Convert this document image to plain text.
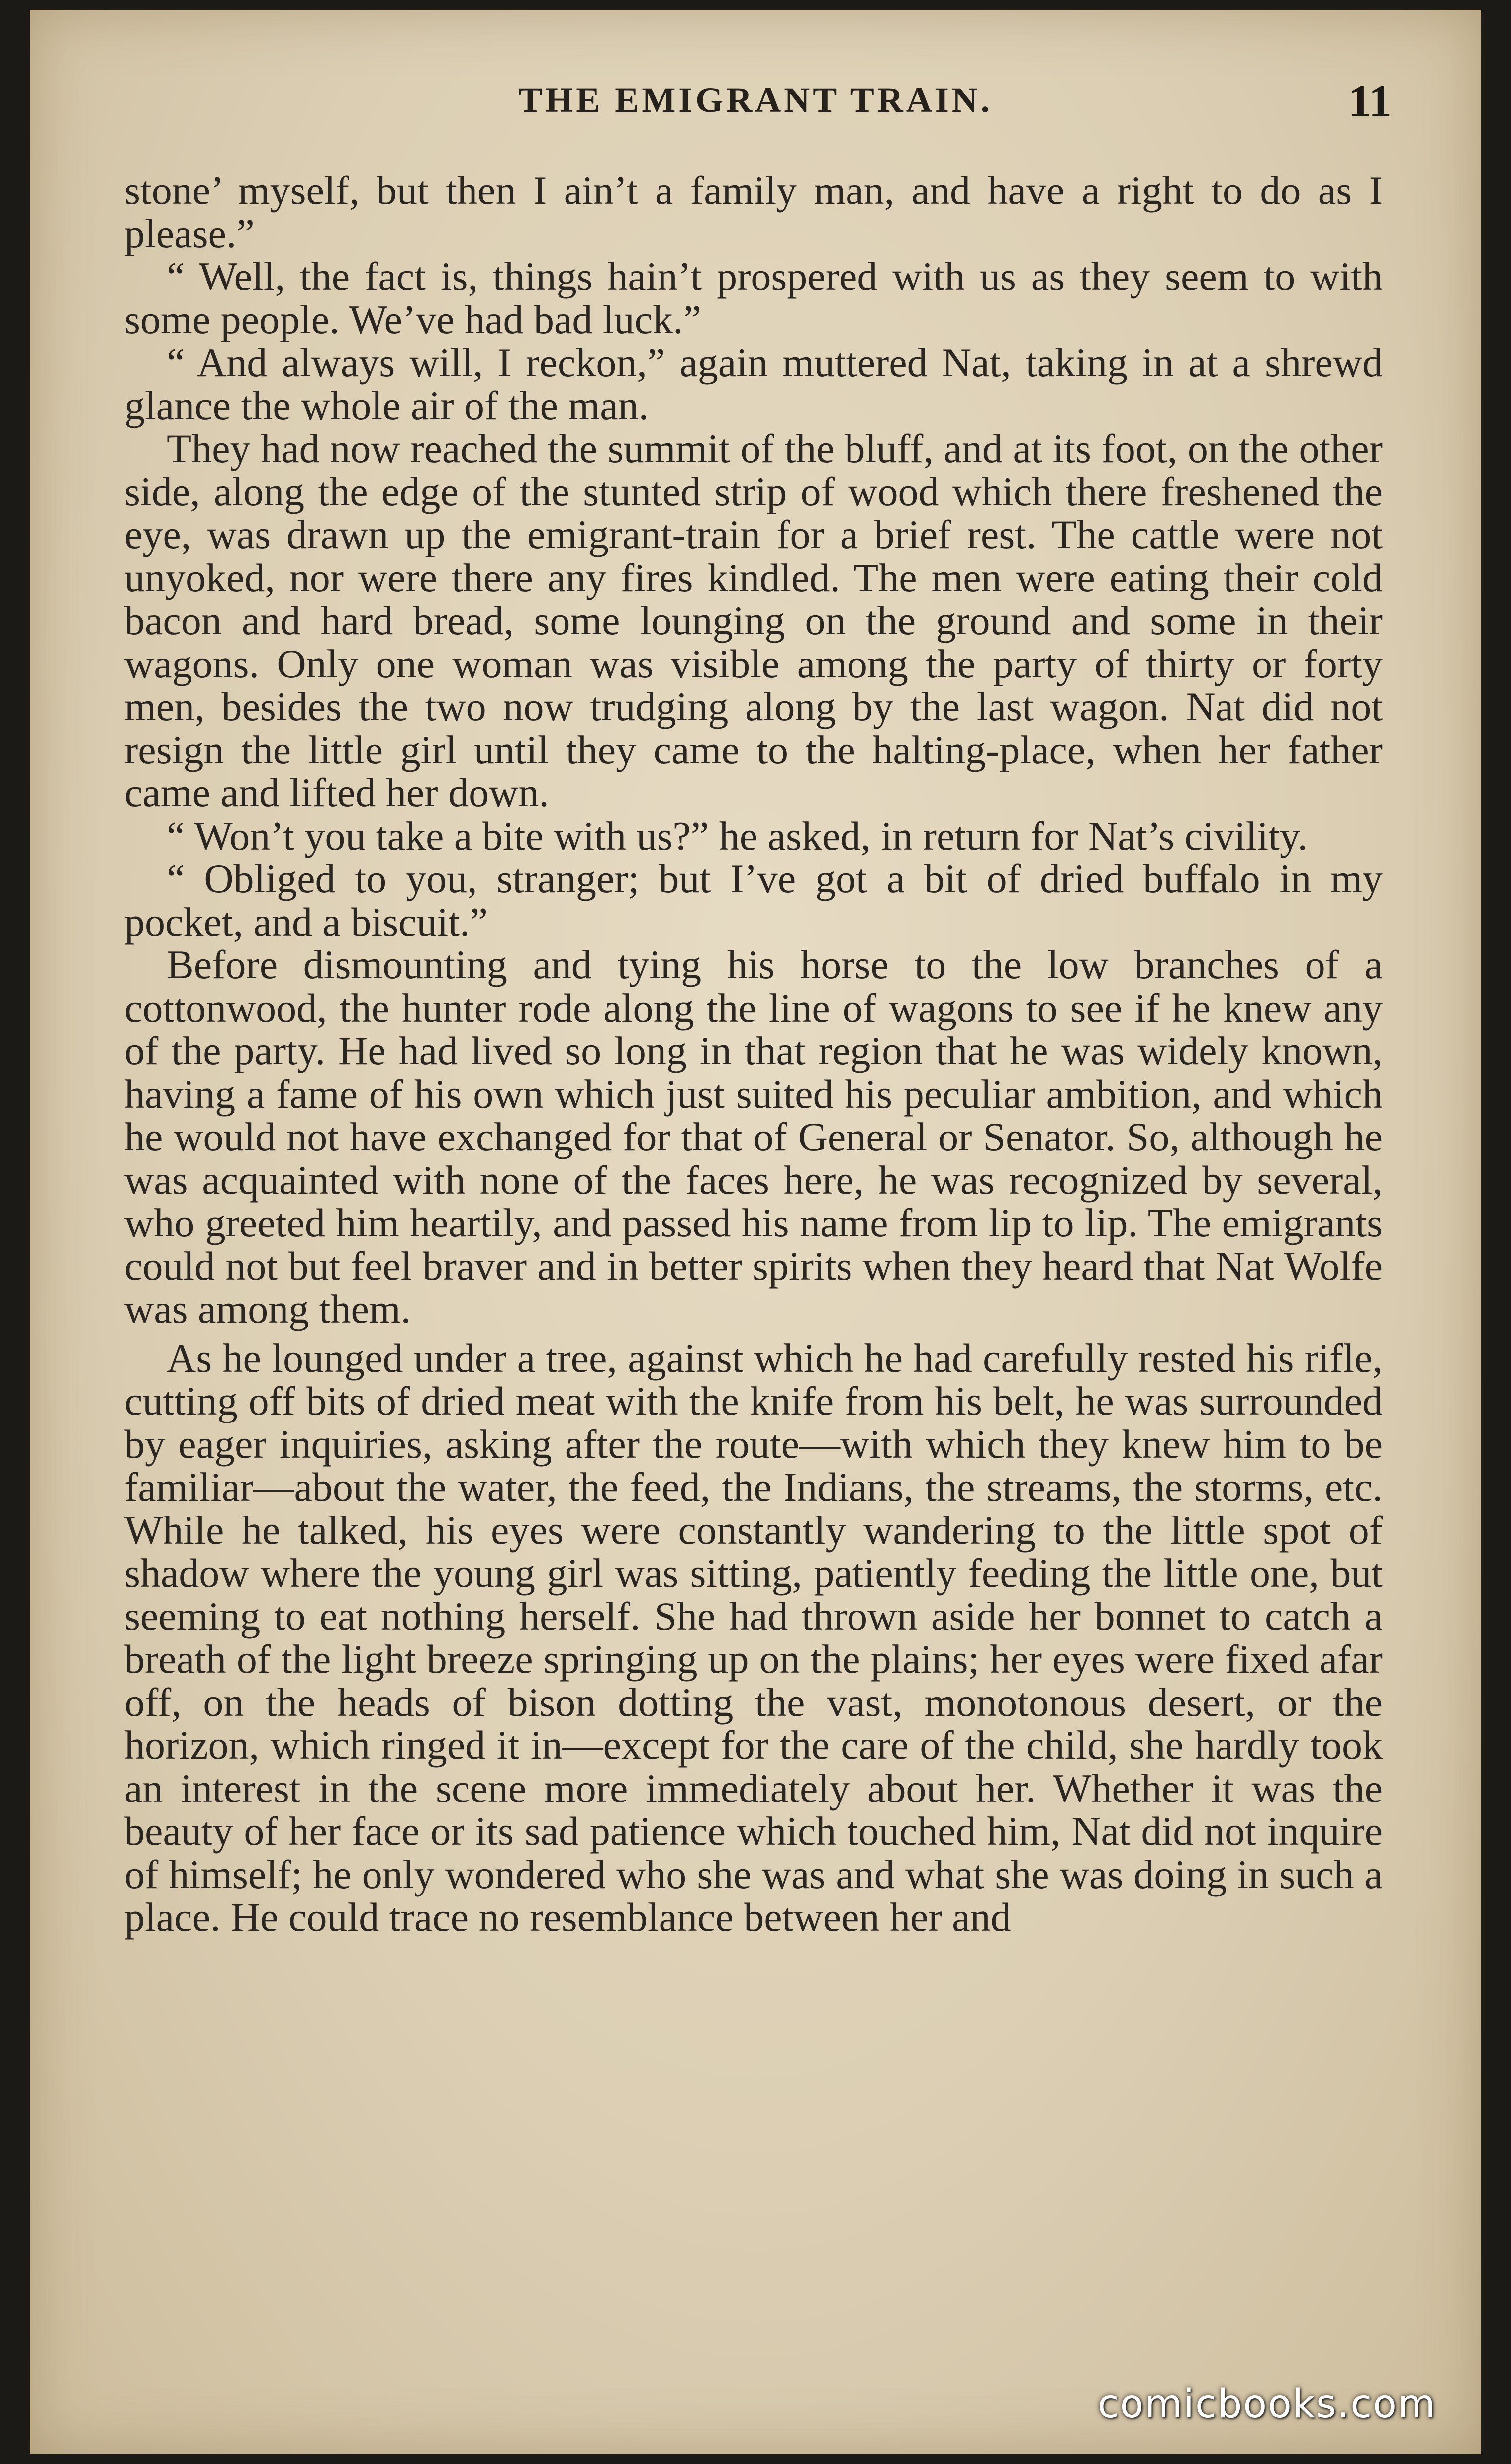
THE EMIGRANT TRAIN.	11

stone’ myself, but then I ain’t a family man, and have a right to do as I please.”

“ Well, the fact is, things hain’t prospered with us as they seem to with some people. We’ve had bad luck.”

“ And always will, I reckon,” again muttered Nat, taking in at a shrewd glance the whole air of the man.

They had now reached the summit of the bluff, and at its foot, on the other side, along the edge of the stunted strip of wood which there freshened the eye, was drawn up the emigrant-train for a brief rest. The cattle were not unyoked, nor were there any fires kindled. The men were eating their cold bacon and hard bread, some lounging on the ground and some in their wagons. Only one woman was visible among the party of thirty or forty men, besides the two now trudging along by the last wagon. Nat did not resign the little girl until they came to the halting-place, when her father came and lifted her down.

“ Won’t you take a bite with us?” he asked, in return for Nat’s civility.

“ Obliged to you, stranger; but I’ve got a bit of dried buffalo in my pocket, and a biscuit.”

Before dismounting and tying his horse to the low branches of a cottonwood, the hunter rode along the line of wagons to see if he knew any of the party. He had lived so long in that region that he was widely known, having a fame of his own which just suited his peculiar ambition, and which he would not have exchanged for that of General or Senator. So, although he was acquainted with none of the faces here, he was recognized by several, who greeted him heartily, and passed his name from lip to lip. The emigrants could not but feel braver and in better spirits when they heard that Nat Wolfe was among them.

As he lounged under a tree, against which he had carefully rested his rifle, cutting off bits of dried meat with the knife from his belt, he was surrounded by eager inquiries, asking after the route—with which they knew him to be familiar—about the water, the feed, the Indians, the streams, the storms, etc. While he talked, his eyes were constantly wandering to the little spot of shadow where the young girl was sitting, patiently feeding the little one, but seeming to eat nothing herself. She had thrown aside her bonnet to catch a breath of the light breeze springing up on the plains; her eyes were fixed afar off, on the heads of bison dotting the vast, monotonous desert, or the horizon, which ringed it in—except for the care of the child, she hardly took an interest in the scene more immediately about her. Whether it was the beauty of her face or its sad patience which touched him, Nat did not inquire of himself; he only wondered who she was and what she was doing in such a place. He could trace no resemblance between her and

comicbooks.com
